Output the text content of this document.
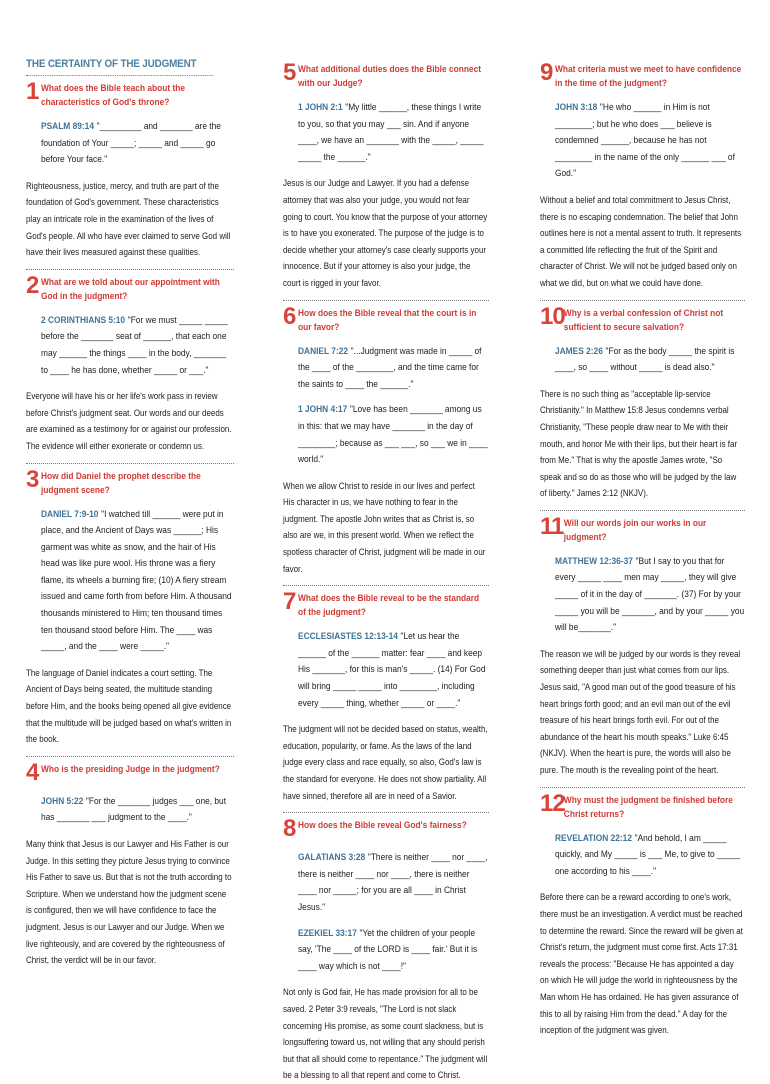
THE CERTAINTY OF THE JUDGMENT
1 What does the Bible teach about the characteristics of God's throne?
PSALM 89:14 "_________ and _______ are the foundation of Your _____; _____ and _____ go before Your face."
Righteousness, justice, mercy, and truth are part of the foundation of God's government. These characteristics play an intricate role in the examination of the lives of God's people. All who have ever claimed to serve God will have their lives measured against these qualities.
2 What are we told about our appointment with God in the judgment?
2 CORINTHIANS 5:10 "For we must _____ _____ before the _______ seat of ______, that each one may ______ the things ____ in the body, _______ to ____ he has done, whether _____ or ___."
Everyone will have his or her life's work pass in review before Christ's judgment seat. Our words and our deeds are examined as a testimony for or against our profession. The evidence will either exonerate or condemn us.
3 How did Daniel the prophet describe the judgment scene?
DANIEL 7:9-10 "I watched till ______ were put in place, and the Ancient of Days was ______; His garment was white as snow, and the hair of His head was like pure wool. His throne was a fiery flame, its wheels a burning fire; (10) A fiery stream issued and came forth from before Him. A thousand thousands ministered to Him; ten thousand times ten thousand stood before Him. The ____ was _____, and the ____ were _____."
The language of Daniel indicates a court setting. The Ancient of Days being seated, the multitude standing before Him, and the books being opened all give evidence that the multitude will be judged based on what's written in the book.
4 Who is the presiding Judge in the judgment?
JOHN 5:22 "For the _______ judges ___ one, but has _______ ___ judgment to the ____."
Many think that Jesus is our Lawyer and His Father is our Judge. In this setting they picture Jesus trying to convince His Father to save us. But that is not the truth according to Scripture. When we understand how the judgment scene is configured, then we will have confidence to face the judgment. Jesus is our Lawyer and our Judge. When we live righteously, and are covered by the righteousness of Christ, the verdict will be in our favor.
5 What additional duties does the Bible connect with our Judge?
1 JOHN 2:1 "My little ______, these things I write to you, so that you may ___ sin. And if anyone ____, we have an _______ with the _____, _____ _____ the ______."
Jesus is our Judge and Lawyer. If you had a defense attorney that was also your judge, you would not fear going to court. You know that the purpose of your attorney is to have you exonerated. The purpose of the judge is to decide whether your attorney's case clearly supports your innocence. But if your attorney is also your judge, the court is rigged in your favor.
6 How does the Bible reveal that the court is in our favor?
DANIEL 7:22 "...Judgment was made in _____ of the ____ of the ________, and the time came for the saints to ____ the ______."
1 JOHN 4:17 "Love has been _______ among us in this: that we may have _______ in the day of ________; because as ___ ___, so ___ we in ____ world."
When we allow Christ to reside in our lives and perfect His character in us, we have nothing to fear in the judgment. The apostle John writes that as Christ is, so also are we, in this present world. When we reflect the spotless character of Christ, judgment will be made in our favor.
7 What does the Bible reveal to be the standard of the judgment?
ECCLESIASTES 12:13-14 "Let us hear the ______ of the ______ matter: fear ____ and keep His _______, for this is man's _____. (14) For God will bring _____ _____ into ________, including every _____ thing, whether _____ or ____."
The judgment will not be decided based on status, wealth, education, popularity, or fame. As the laws of the land judge every class and race equally, so also, God's law is the standard for everyone. He does not show partiality. All have sinned, therefore all are in need of a Savior.
8 How does the Bible reveal God's fairness?
GALATIANS 3:28 "There is neither ____ nor ____, there is neither ____ nor ____, there is neither ____ nor _____; for you are all ____ in Christ Jesus."
EZEKIEL 33:17 "Yet the children of your people say, 'The ____ of the LORD is ____ fair.' But it is ____ way which is not ____!"
Not only is God fair, He has made provision for all to be saved. 2 Peter 3:9 reveals, "The Lord is not slack concerning His promise, as some count slackness, but is longsuffering toward us, not willing that any should perish but that all should come to repentance." The judgment will be a blessing to all that repent and come to Christ.
9 What criteria must we meet to have confidence in the time of the judgment?
JOHN 3:18 "He who ______ in Him is not ________; but he who does ___ believe is condemned ______, because he has not ________ in the name of the only ______ ___ of God."
Without a belief and total commitment to Jesus Christ, there is no escaping condemnation. The belief that John outlines here is not a mental assent to truth. It represents a committed life reflecting the fruit of the Spirit and character of Christ. We will not be judged based only on what we did, but on what we could have done.
10 Why is a verbal confession of Christ not sufficient to secure salvation?
JAMES 2:26 "For as the body _____ the spirit is ____, so ____ without _____ is dead also."
There is no such thing as "acceptable lip-service Christianity." In Matthew 15:8 Jesus condemns verbal Christianity, "These people draw near to Me with their mouth, and honor Me with their lips, but their heart is far from Me." That is why the apostle James wrote, "So speak and so do as those who will be judged by the law of liberty." James 2:12 (NKJV).
11 Will our words join our works in our judgment?
MATTHEW 12:36-37 "But I say to you that for every _____ ____ men may _____, they will give _____ of it in the day of _______. (37) For by your _____ you will be _______, and by your _____ you will be_______."
The reason we will be judged by our words is they reveal something deeper than just what comes from our lips. Jesus said, "A good man out of the good treasure of his heart brings forth good; and an evil man out of the evil treasure of his heart brings forth evil. For out of the abundance of the heart his mouth speaks." Luke 6:45 (NKJV). When the heart is pure, the words will also be pure. The mouth is the revealing point of the heart.
12 Why must the judgment be finished before Christ returns?
REVELATION 22:12 "And behold, I am _____ quickly, and My _____ is ___ Me, to give to _____ one according to his ____."
Before there can be a reward according to one's work, there must be an investigation. A verdict must be reached to determine the reward. Since the reward will be given at Christ's return, the judgment must come first. Acts 17:31 reveals the process: "Because He has appointed a day on which He will judge the world in righteousness by the Man whom He has ordained. He has given assurance of this to all by raising Him from the dead." A day for the inception of the judgment was given.
